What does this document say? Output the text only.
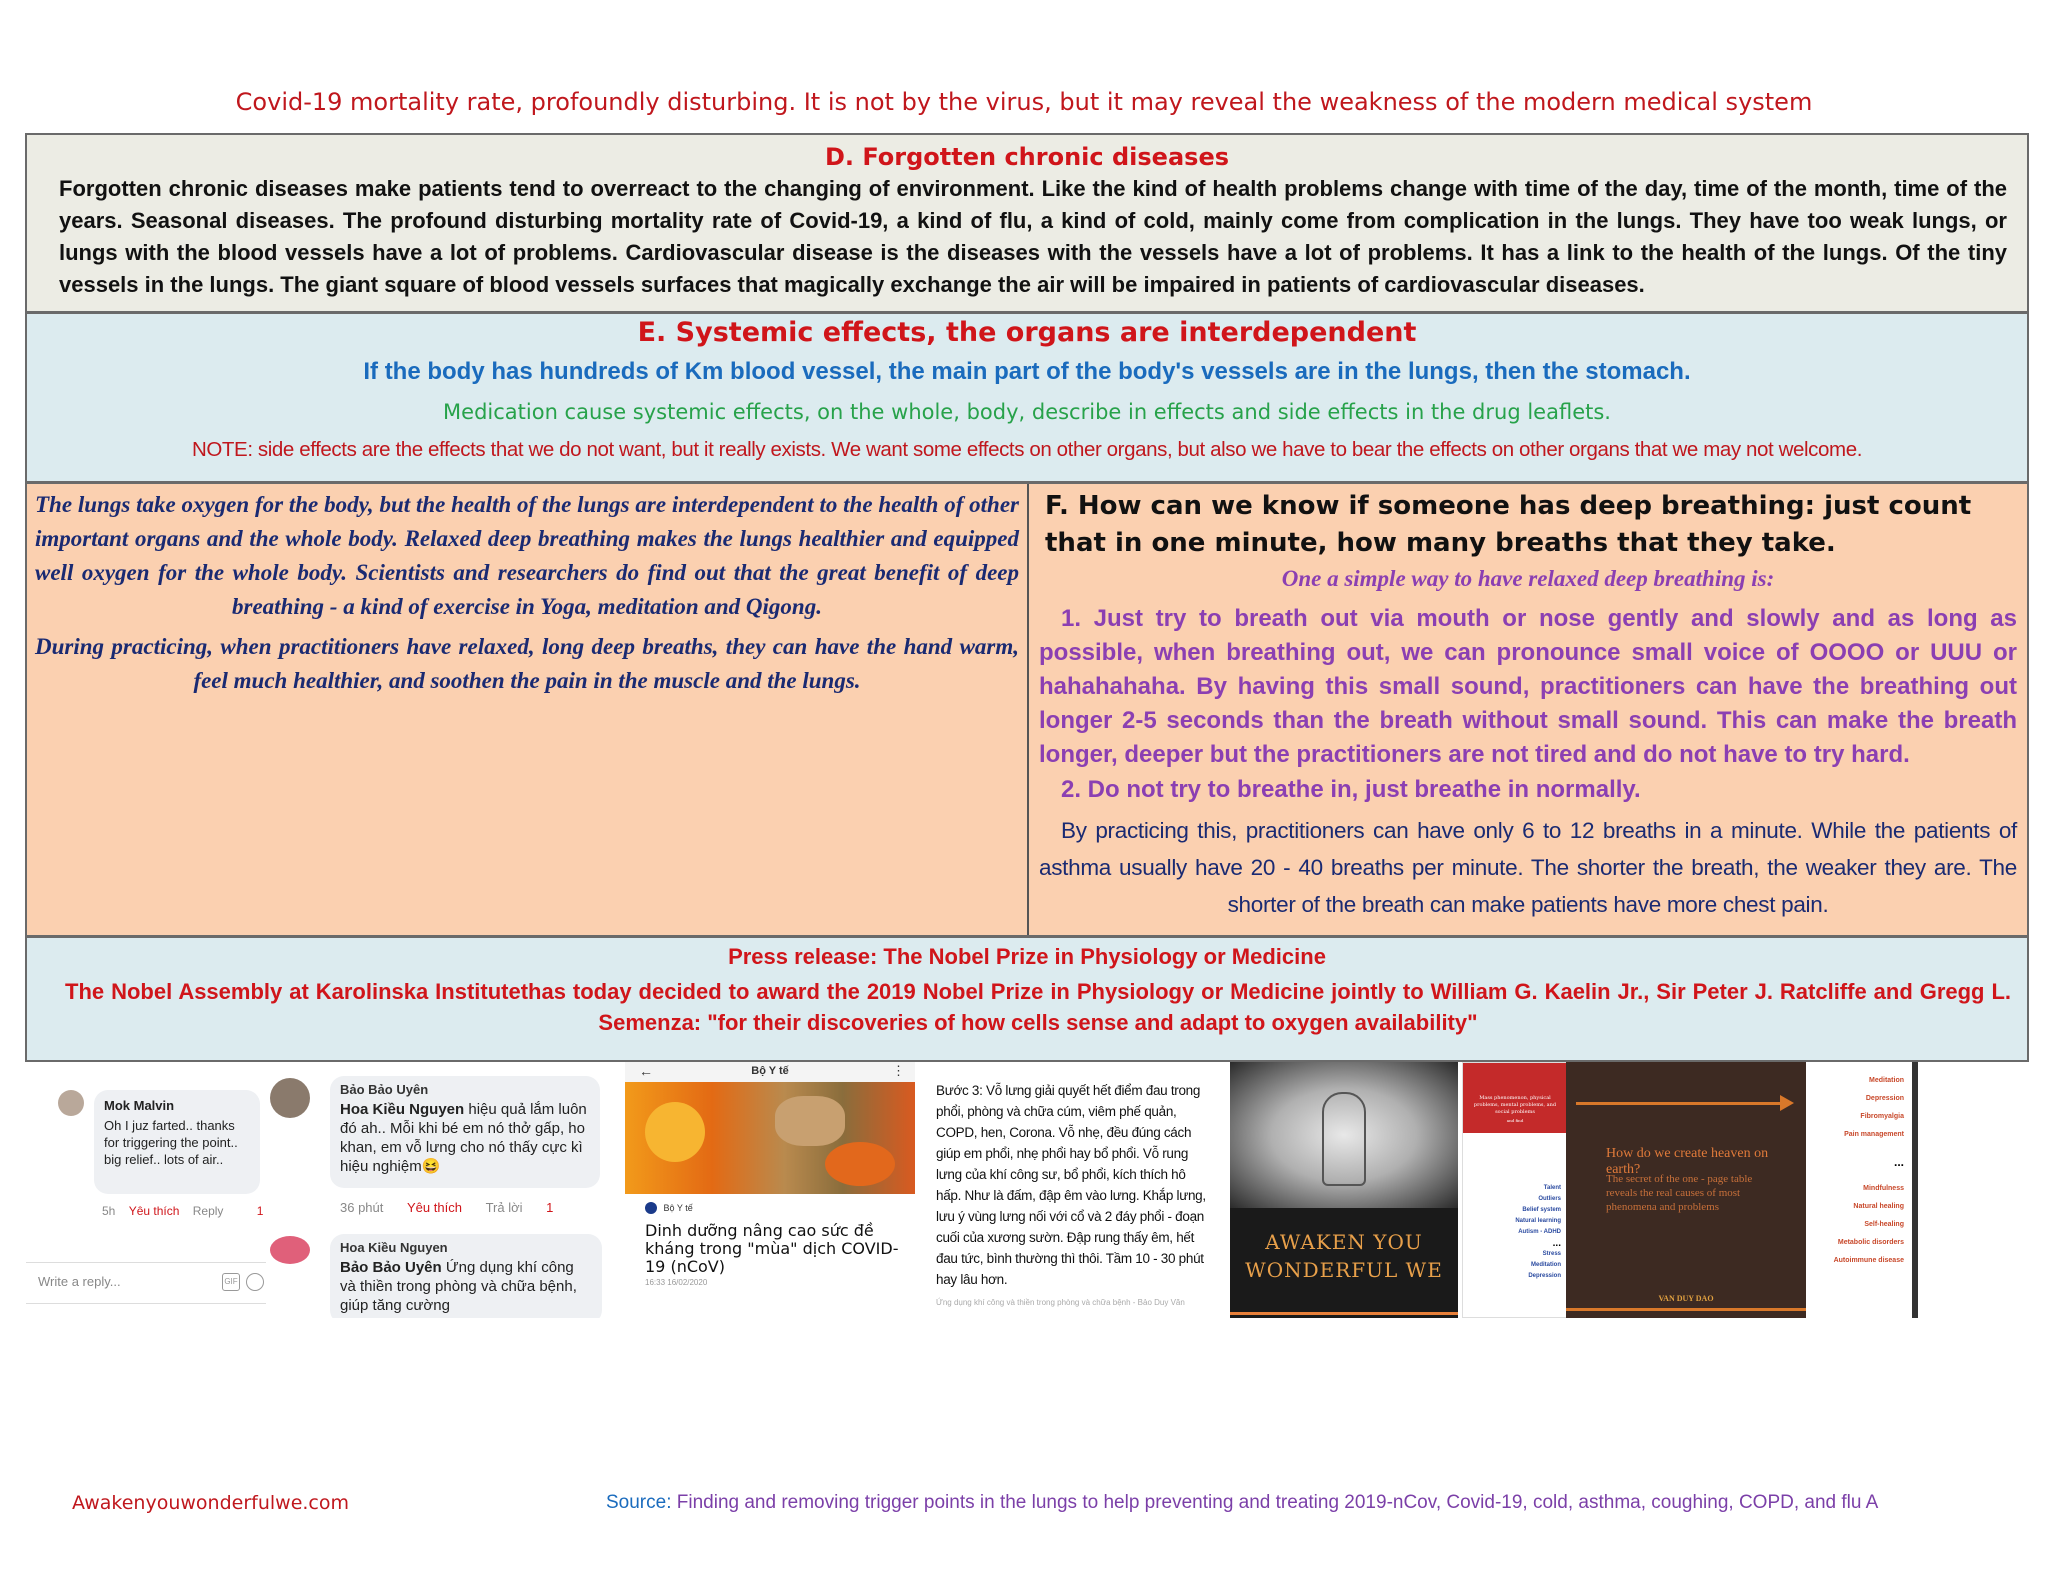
Covid-19 mortality rate, profoundly disturbing. It is not by the virus, but it may reveal the weakness of the modern medical system
D. Forgotten chronic diseases
Forgotten chronic diseases make patients tend to overreact to the changing of environment. Like the kind of health problems change with time of the day, time of the month, time of the years. Seasonal diseases. The profound disturbing mortality rate of Covid-19, a kind of flu, a kind of cold, mainly come from complication in the lungs. They have too weak lungs, or lungs with the blood vessels have a lot of problems. Cardiovascular disease is the diseases with the vessels have a lot of problems. It has a link to the health of the lungs. Of the tiny vessels in the lungs. The giant square of blood vessels surfaces that magically exchange the air will be impaired in patients of cardiovascular diseases.
E. Systemic effects, the organs are interdependent
If the body has hundreds of Km blood vessel, the main part of the body's vessels are in the lungs, then the stomach.
Medication cause systemic effects, on the whole, body, describe in effects and side effects in the drug leaflets.
NOTE: side effects are the effects that we do not want, but it really exists. We want some effects on other organs, but also we have to bear the effects on other organs that we may not welcome.
The lungs take oxygen for the body, but the health of the lungs are interdependent to the health of other important organs and the whole body. Relaxed deep breathing makes the lungs healthier and equipped well oxygen for the whole body. Scientists and researchers do find out that the great benefit of deep breathing - a kind of exercise in Yoga, meditation and Qigong.
During practicing, when practitioners have relaxed, long deep breaths, they can have the hand warm, feel much healthier, and soothen the pain in the muscle and the lungs.
F. How can we know if someone has deep breathing: just count that in one minute, how many breaths that they take.
One a simple way to have relaxed deep breathing is:
1. Just try to breath out via mouth or nose gently and slowly and as long as possible, when breathing out, we can pronounce small voice of OOOO or UUU or hahahahaha. By having this small sound, practitioners can have the breathing out longer 2-5 seconds than the breath without small sound. This can make the breath longer, deeper but the practitioners are not tired and do not have to try hard.
2. Do not try to breathe in, just breathe in normally.
By practicing this, practitioners can have only 6 to 12 breaths in a minute. While the patients of asthma usually have 20 - 40 breaths per minute. The shorter the breath, the weaker they are. The shorter of the breath can make patients have more chest pain.
Press release: The Nobel Prize in Physiology or Medicine
The Nobel Assembly at Karolinska Institutethas today decided to award the 2019 Nobel Prize in Physiology or Medicine jointly to William G. Kaelin Jr., Sir Peter J. Ratcliffe and Gregg L. Semenza: "for their discoveries of how cells sense and adapt to oxygen availability"
Mok Malvin
Oh I juz farted.. thanks for triggering the point.. big relief.. lots of air..
5h Yêu thích Reply	1
Write a reply...	GIF
Bảo Bảo Uyên
Hoa Kiều Nguyen hiệu quả lắm luôn đó ah.. Mỗi khi bé em nó thở gấp, ho khan, em vỗ lưng cho nó thấy cực kì hiệu nghiệm😆
36 phút Yêu thích Trả lời 1
Hoa Kiều Nguyen
Bảo Bảo Uyên Ứng dụng khí công và thiền trong phòng và chữa bệnh, giúp tăng cường
←	Bộ Y tế	⋮
Bộ Y tế
Dinh dưỡng nâng cao sức đề kháng trong "mùa" dịch COVID-19 (nCoV)
16:33 16/02/2020
Bước 3: Vỗ lưng giải quyết hết điểm đau trong phổi, phòng và chữa cúm, viêm phế quản, COPD, hen, Corona. Vỗ nhẹ, đều đúng cách giúp em phổi, nhẹ phổi hay bổ phổi. Vỗ rung lưng của khí công sư, bổ phổi, kích thích hô hấp. Như là đấm, đập êm vào lưng. Khắp lưng, lưu ý vùng lưng nối với cổ và 2 đáy phổi - đoạn cuối của xương sườn. Đập rung thấy êm, hết đau tức, bình thường thì thôi. Tầm 10 - 30 phút hay lâu hơn.
Ứng dụng khí công và thiền trong phòng và chữa bệnh - Bảo Duy Văn
AWAKEN YOU WONDERFUL WE
Mass phenomenon, physical problems, mental problems, and social problems
and find
Talent
Outliers
Belief system
Natural learning
Autism - ADHD
...
Stress
Meditation
Depression
How do we create heaven on earth?
The secret of the one - page table reveals the real causes of most phenomena and problems
VAN DUY DAO
Meditation
Depression
Fibromyalgia
Pain management
...
Mindfulness
Natural healing
Self-healing
Metabolic disorders
Autoimmune disease
Awakenyouwonderfulwe.com	Source: Finding and removing trigger points in the lungs to help preventing and treating 2019-nCov, Covid-19, cold, asthma, coughing, COPD, and flu A
